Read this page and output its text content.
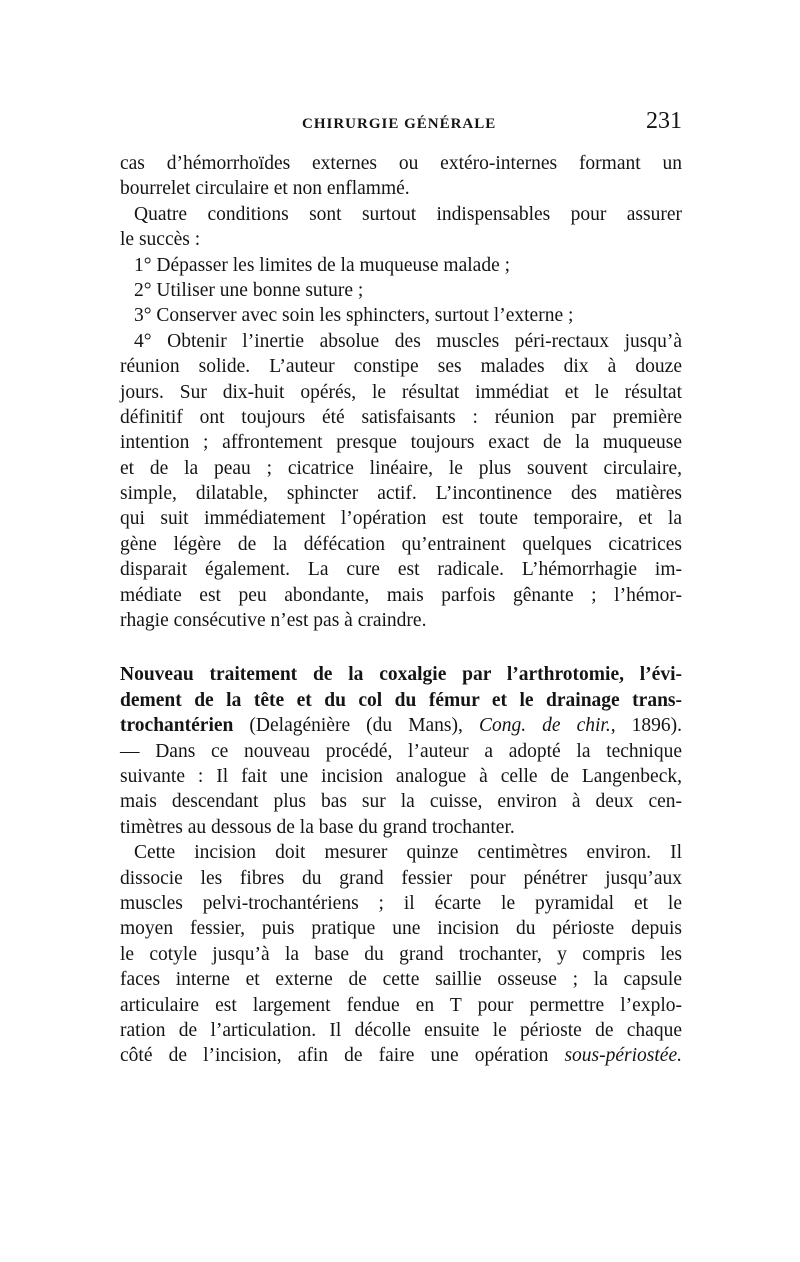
CHIRURGIE GÉNÉRALE	231
cas d’hémorrhoïdes externes ou extéro-internes formant un
bourrelet circulaire et non enflammé.
Quatre conditions sont surtout indispensables pour assurer
le succès :
1° Dépasser les limites de la muqueuse malade ;
2° Utiliser une bonne suture ;
3° Conserver avec soin les sphincters, surtout l’externe ;
4° Obtenir l’inertie absolue des muscles péri-rectaux jusqu’à
réunion solide. L’auteur constipe ses malades dix à douze
jours. Sur dix-huit opérés, le résultat immédiat et le résultat
définitif ont toujours été satisfaisants : réunion par première
intention ; affrontement presque toujours exact de la muqueuse
et de la peau ; cicatrice linéaire, le plus souvent circulaire,
simple, dilatable, sphincter actif. L’incontinence des matières
qui suit immédiatement l’opération est toute temporaire, et la
gène légère de la défécation qu’entrainent quelques cicatrices
disparait également. La cure est radicale. L’hémorrhagie im-
médiate est peu abondante, mais parfois gênante ; l’hémor-
rhagie consécutive n’est pas à craindre.
Nouveau traitement de la coxalgie par l’arthrotomie, l’évi-
dement de la tête et du col du fémur et le drainage trans-
trochantérien (Delagénière (du Mans), Cong. de chir., 1896).
— Dans ce nouveau procédé, l’auteur a adopté la technique
suivante : Il fait une incision analogue à celle de Langenbeck,
mais descendant plus bas sur la cuisse, environ à deux cen-
timètres au dessous de la base du grand trochanter.
Cette incision doit mesurer quinze centimètres environ. Il
dissocie les fibres du grand fessier pour pénétrer jusqu’aux
muscles pelvi-trochantériens ; il écarte le pyramidal et le
moyen fessier, puis pratique une incision du périoste depuis
le cotyle jusqu’à la base du grand trochanter, y compris les
faces interne et externe de cette saillie osseuse ; la capsule
articulaire est largement fendue en T pour permettre l’explo-
ration de l’articulation. Il décolle ensuite le périoste de chaque
côté de l’incision, afin de faire une opération sous-périostée.
